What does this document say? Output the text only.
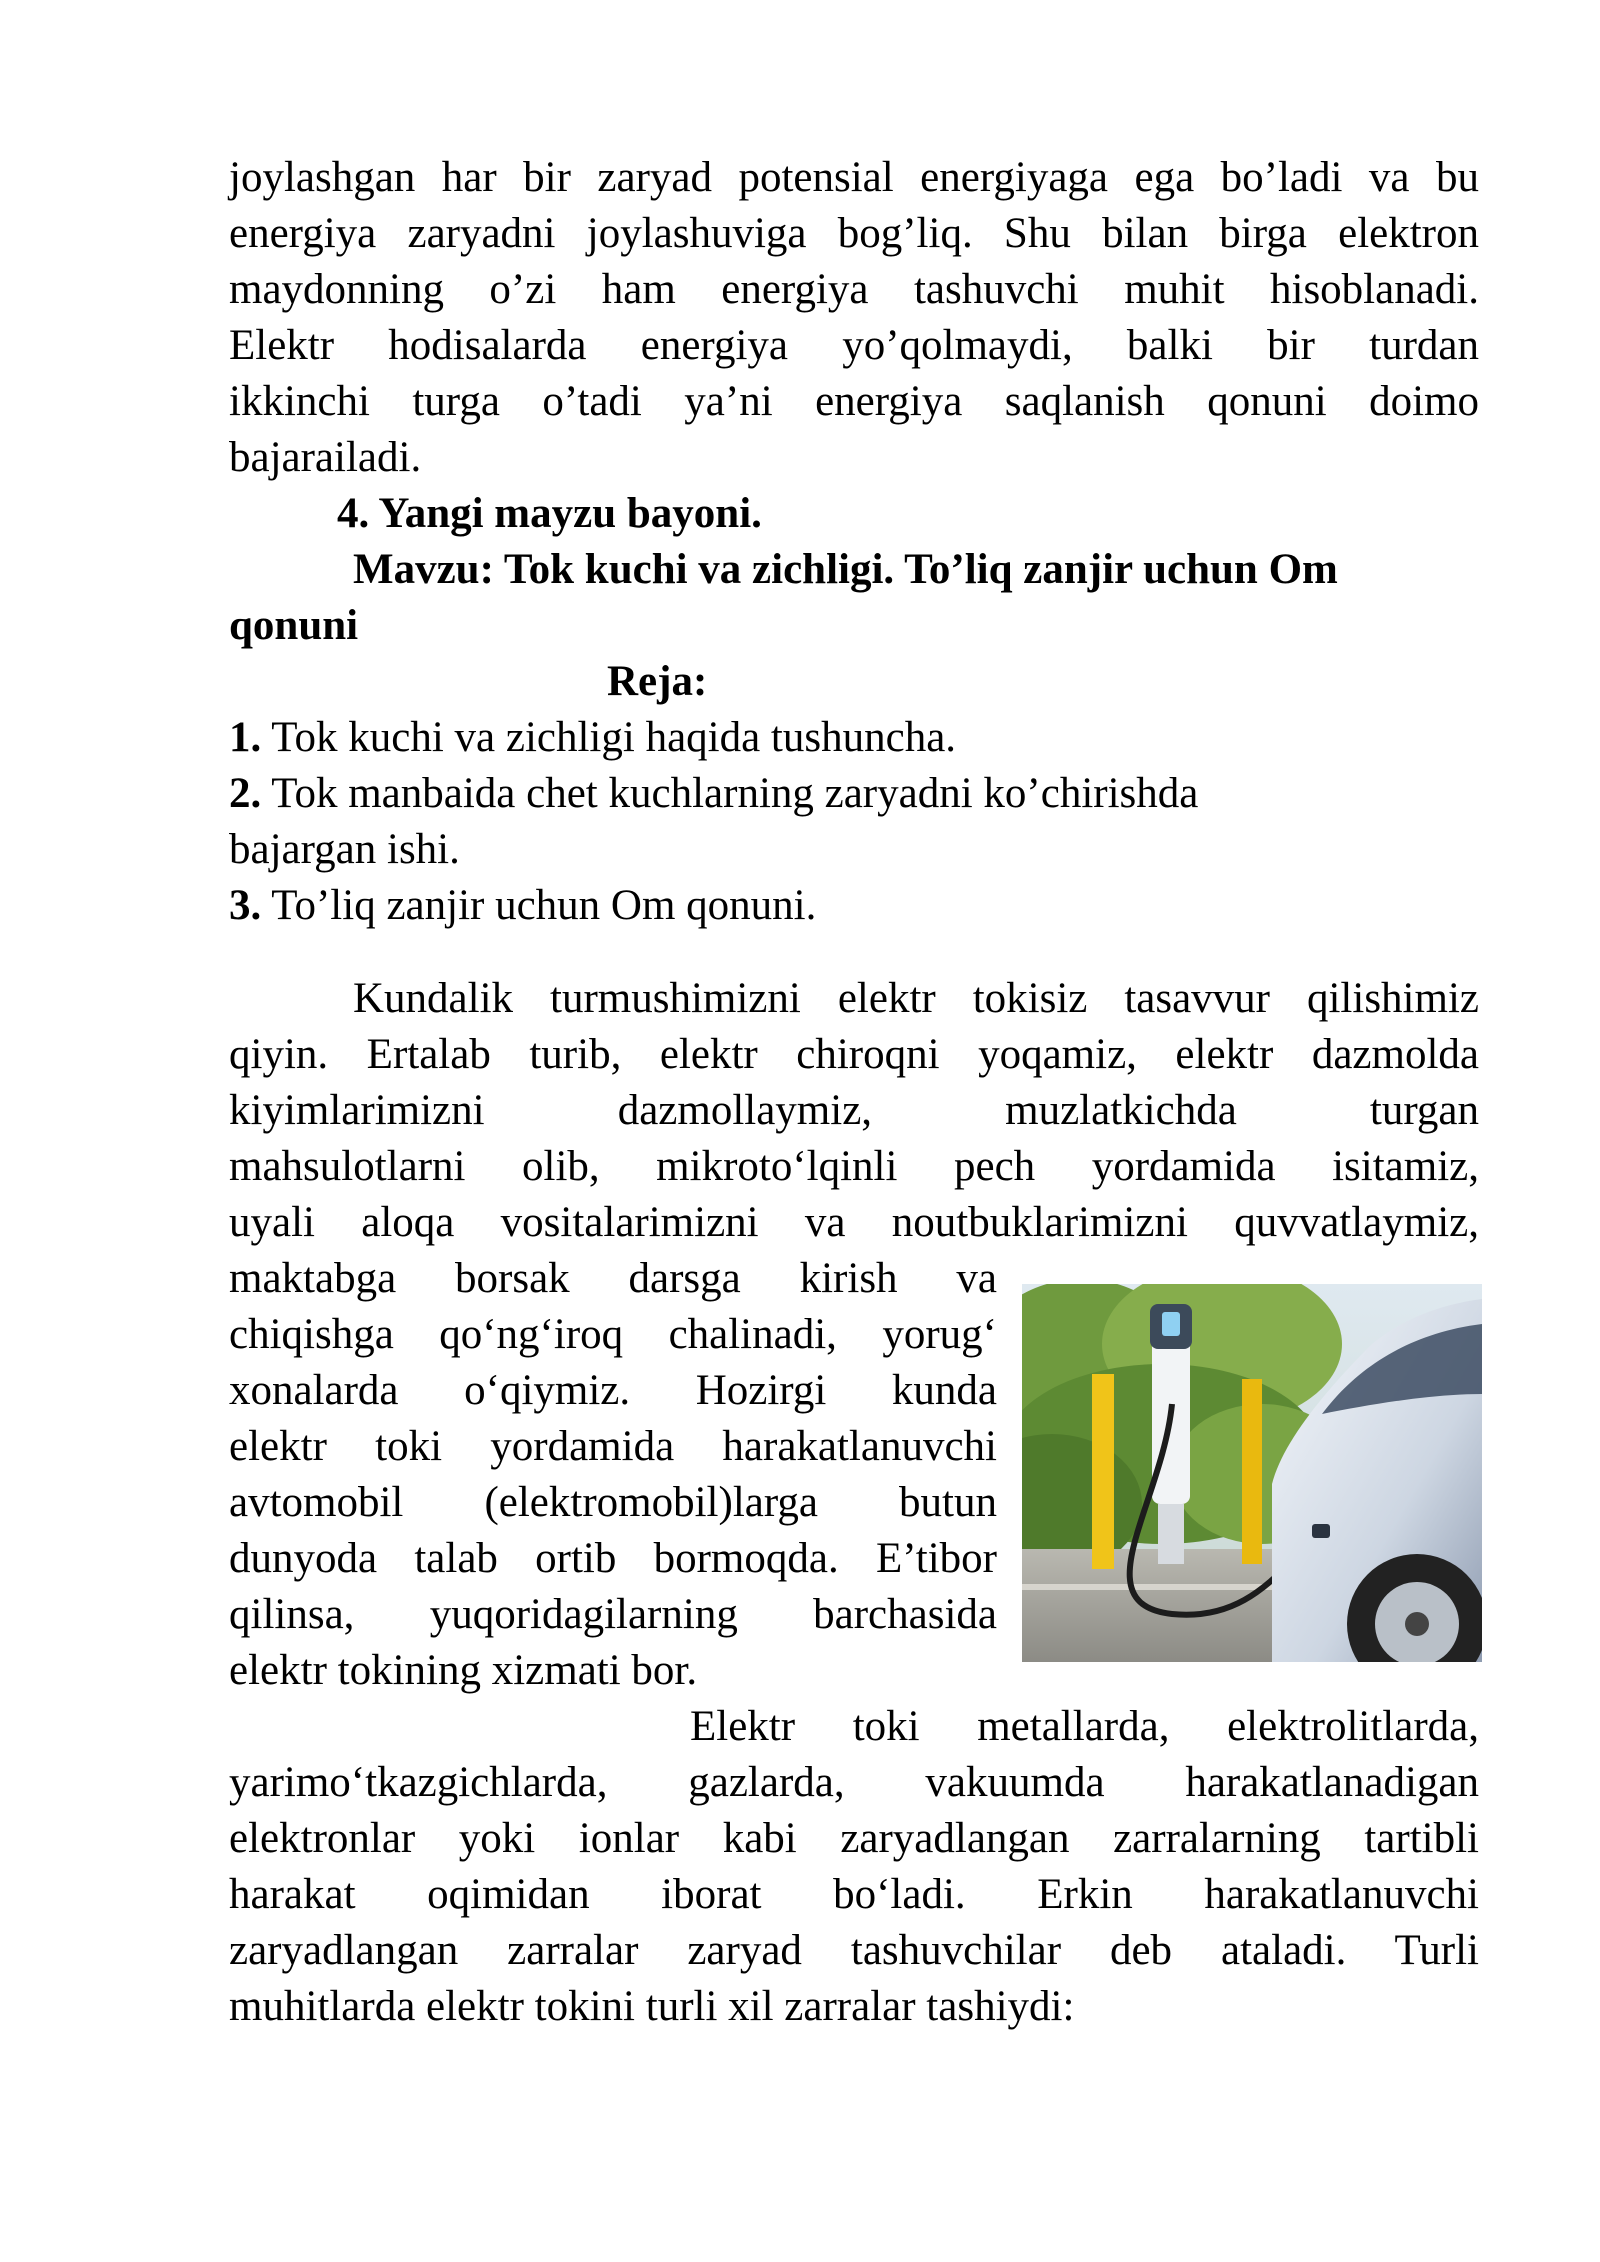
joylashgan har bir zaryad potensial energiyaga ega bo’ladi va bu

energiya zaryadni joylashuviga bog’liq. Shu bilan birga elektron

maydonning o’zi ham energiya tashuvchi muhit hisoblanadi.

Elektr hodisalarda energiya yo’qolmaydi, balki bir turdan

ikkinchi turga o’tadi ya’ni energiya saqlanish qonuni doimo

bajarailadi.

4. Yangi mayzu bayoni.

Mavzu: Tok kuchi va zichligi. To’liq zanjir uchun Om

qonuni

Reja:

1. Tok kuchi va zichligi haqida tushuncha.

2. Tok manbaida chet kuchlarning zaryadni ko’chirishda

bajargan ishi.

3. To’liq zanjir uchun Om qonuni.

Kundalik turmushimizni elektr tokisiz tasavvur qilishimiz

qiyin. Ertalab turib, elektr chiroqni yoqamiz, elektr dazmolda

kiyimlarimizni dazmollaymiz, muzlatkichda turgan

mahsulotlarni olib, mikroto‘lqinli pech yordamida isitamiz,

uyali aloqa vositalarimizni va noutbuklarimizni quvvatlaymiz,

maktabga borsak darsga kirish va

chiqishga qo‘ng‘iroq chalinadi, yorug‘

xonalarda o‘qiymiz. Hozirgi kunda

elektr toki yordamida harakatlanuvchi

avtomobil (elektromobil)larga butun

dunyoda talab ortib bormoqda. E’tibor

qilinsa, yuqoridagilarning barchasida

elektr tokining xizmati bor.

Elektr toki metallarda, elektrolitlarda,

yarimo‘tkazgichlarda, gazlarda, vakuumda harakatlanadigan

elektronlar yoki ionlar kabi zaryadlangan zarralarning tartibli

harakat oqimidan iborat bo‘ladi. Erkin harakatlanuvchi

zaryadlangan zarralar zaryad tashuvchilar deb ataladi. Turli

muhitlarda elektr tokini turli xil zarralar tashiydi:
